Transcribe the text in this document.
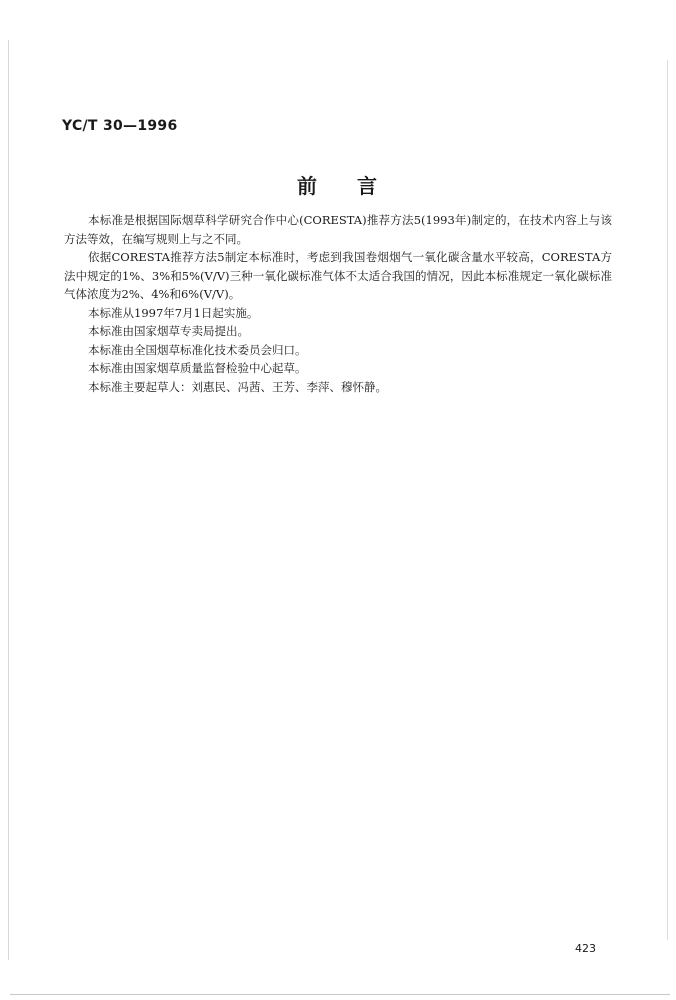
YC/T 30—1996
前 言

本标准是根据国际烟草科学研究合作中心(CORESTA)推荐方法5(1993年)制定的，在技术内容上与该方法等效，在编写规则上与之不同。

依据CORESTA推荐方法5制定本标准时，考虑到我国卷烟烟气一氧化碳含量水平较高，CORESTA方法中规定的1%、3%和5%(V/V)三种一氧化碳标准气体不太适合我国的情况，因此本标准规定一氧化碳标准气体浓度为2%、4%和6%(V/V)。

本标准从1997年7月1日起实施。

本标准由国家烟草专卖局提出。

本标准由全国烟草标准化技术委员会归口。

本标准由国家烟草质量监督检验中心起草。

本标准主要起草人：刘惠民、冯茜、王芳、李萍、穆怀静。

423
